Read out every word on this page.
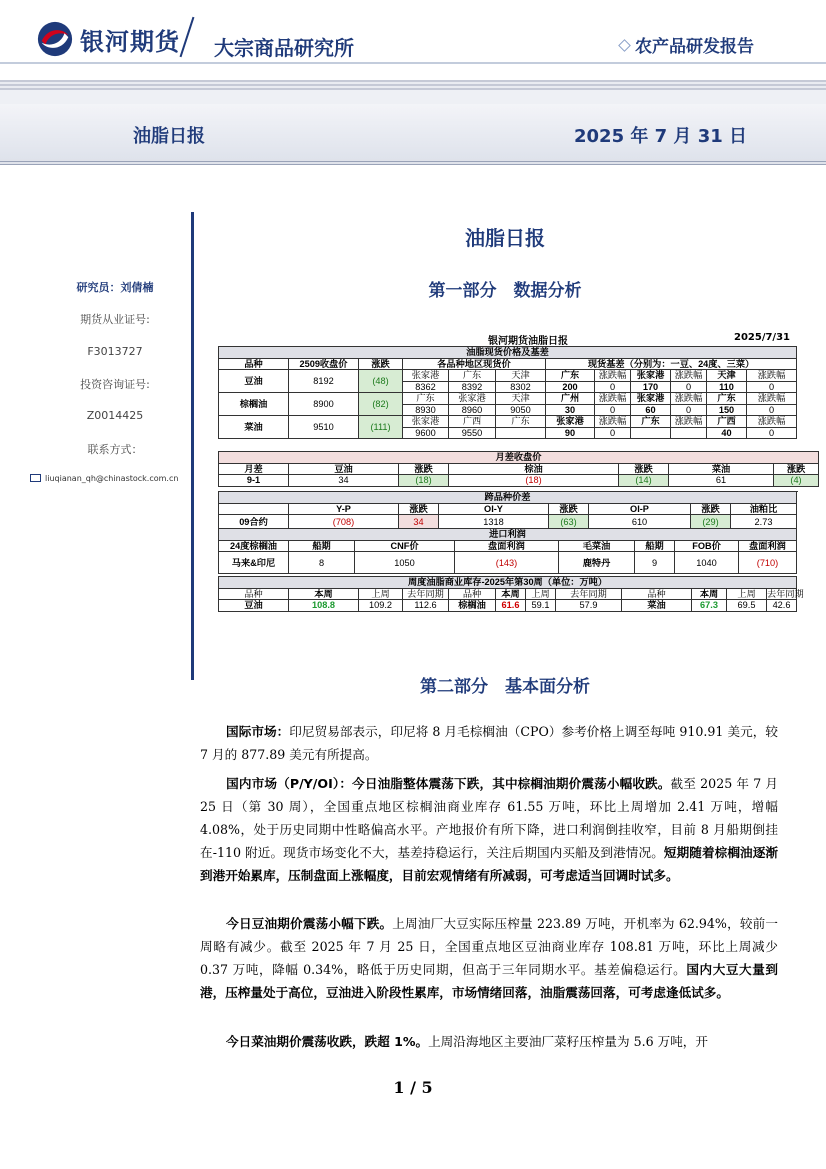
银河期货 大宗商品研究所	农产品研发报告
油脂日报	2025 年 7 月 31 日
研究员：刘倩楠
期货从业证号:
F3013727
投资咨询证号:
Z0014425
联系方式：
liuqianan_qh@chinastock.com.cn
油脂日报
第一部分　数据分析
银河期货油脂日报	2025/7/31
油脂现货价格及基差											
品种	2509收盘价	涨跌	各品种地区现货价			现货基差（分别为：一豆、24度、三菜）					
豆油	8192	(48)	张家港	广东	天津	广东	涨跌幅	张家港	涨跌幅	天津	涨跌幅
			8362	8392	8302	200	0	170	0	110	0
棕榈油	8900	(82)	广东	张家港	天津	广州	涨跌幅	张家港	涨跌幅	广东	涨跌幅
			8930	8960	9050	30	0	60	0	150	0
菜油	9510	(111)	张家港	广西	广东	张家港	涨跌幅	广东	涨跌幅	广西	涨跌幅
			9600	9550		90	0			40	0
月差收盘价						
月差	豆油	涨跌	棕油	涨跌	菜油	涨跌
9-1	34	(18)	(18)	(14)	61	(4)
跨品种价差								
	Y-P	涨跌	OI-Y	涨跌	OI-P	涨跌	油粕比	
09合约	(708)	34	1318	(63)	610	(29)	2.73	
进口利润							
24度棕榈油	船期	CNF价	盘面利润	毛菜油	船期	FOB价	盘面利润
马来&印尼	8	1050	(143)	鹿特丹	9	1040	(710)
周度油脂商业库存-2025年第30周（单位：万吨）											
品种	本周	上周	去年同期	品种	本周	上周	去年同期	品种	本周	上周	去年同期
豆油	108.8	109.2	112.6	棕榈油	61.6	59.1	57.9	菜油	67.3	69.5	42.6
第二部分　基本面分析
国际市场：印尼贸易部表示，印尼将 8 月毛棕榈油（CPO）参考价格上调至每吨 910.91 美元，较 7 月的 877.89 美元有所提高。
国内市场（P/Y/OI）：今日油脂整体震荡下跌，其中棕榈油期价震荡小幅收跌。截至 2025 年 7 月 25 日（第 30 周），全国重点地区棕榈油商业库存 61.55 万吨，环比上周增加 2.41 万吨，增幅 4.08%，处于历史同期中性略偏高水平。产地报价有所下降，进口利润倒挂收窄，目前 8 月船期倒挂在-110 附近。现货市场变化不大，基差持稳运行，关注后期国内买船及到港情况。短期随着棕榈油逐渐到港开始累库，压制盘面上涨幅度，目前宏观情绪有所减弱，可考虑适当回调时试多。
今日豆油期价震荡小幅下跌。上周油厂大豆实际压榨量 223.89 万吨，开机率为 62.94%，较前一周略有减少。截至 2025 年 7 月 25 日，全国重点地区豆油商业库存 108.81 万吨，环比上周减少 0.37 万吨，降幅 0.34%，略低于历史同期，但高于三年同期水平。基差偏稳运行。国内大豆大量到港，压榨量处于高位，豆油进入阶段性累库，市场情绪回落，油脂震荡回落，可考虑逢低试多。
今日菜油期价震荡收跌，跌超 1%。上周沿海地区主要油厂菜籽压榨量为 5.6 万吨，开
1 / 5
